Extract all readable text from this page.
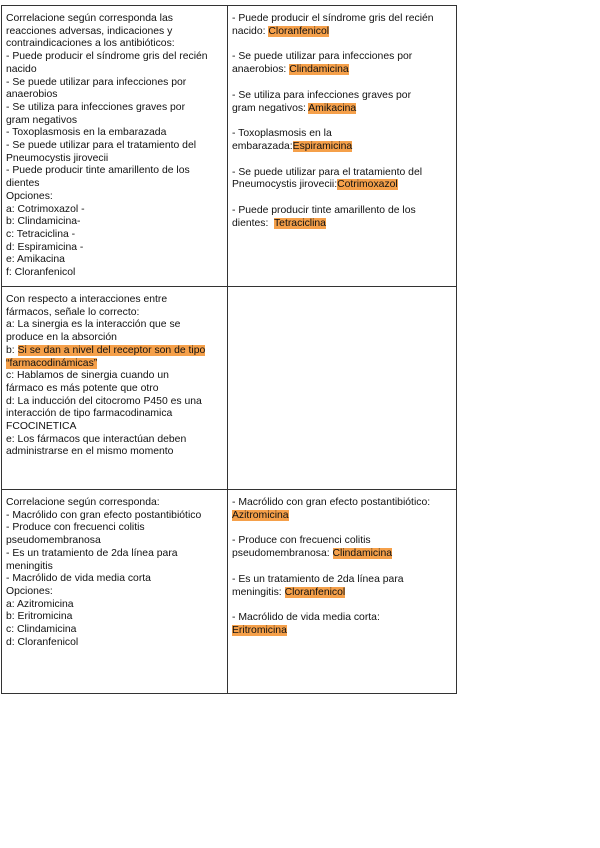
Correlacione según corresponda las
reacciones adversas, indicaciones y
contraindicaciones a los antibióticos:
- Puede producir el síndrome gris del recién
nacido
- Se puede utilizar para infecciones por
anaerobios
- Se utiliza para infecciones graves por
gram negativos
- Toxoplasmosis en la embarazada
- Se puede utilizar para el tratamiento del
Pneumocystis jirovecii
- Puede producir tinte amarillento de los
dientes
Opciones:
a: Cotrimoxazol -
b: Clindamicina-
c: Tetraciclina -
d: Espiramicina -
e: Amikacina
f: Cloranfenicol
- Puede producir el síndrome gris del recién
nacido: Cloranfenicol
- Se puede utilizar para infecciones por
anaerobios: Clindamicina
- Se utiliza para infecciones graves por
gram negativos: Amikacina
- Toxoplasmosis en la
embarazada:Espiramicina
- Se puede utilizar para el tratamiento del
Pneumocystis jirovecii:Cotrimoxazol
- Puede producir tinte amarillento de los
dientes:  Tetraciclina
Con respecto a interacciones entre
fármacos, señale lo correcto:
a: La sinergia es la interacción que se
produce en la absorción
b: Si se dan a nivel del receptor son de tipo
“farmacodinámicas”
c: Hablamos de sinergia cuando un
fármaco es más potente que otro
d: La inducción del citocromo P450 es una
interacción de tipo farmacodinamica
FCOCINETICA
e: Los fármacos que interactúan deben
administrarse en el mismo momento
Correlacione según corresponda:
- Macrólido con gran efecto postantibiótico
- Produce con frecuenci colitis
pseudomembranosa
- Es un tratamiento de 2da línea para
meningitis
- Macrólido de vida media corta
Opciones:
a: Azitromicina
b: Eritromicina
c: Clindamicina
d: Cloranfenicol
- Macrólido con gran efecto postantibiótico:
Azitromicina
- Produce con frecuenci colitis
pseudomembranosa: Clindamicina
- Es un tratamiento de 2da línea para
meningitis: Cloranfenicol
- Macrólido de vida media corta:
Eritromicina
